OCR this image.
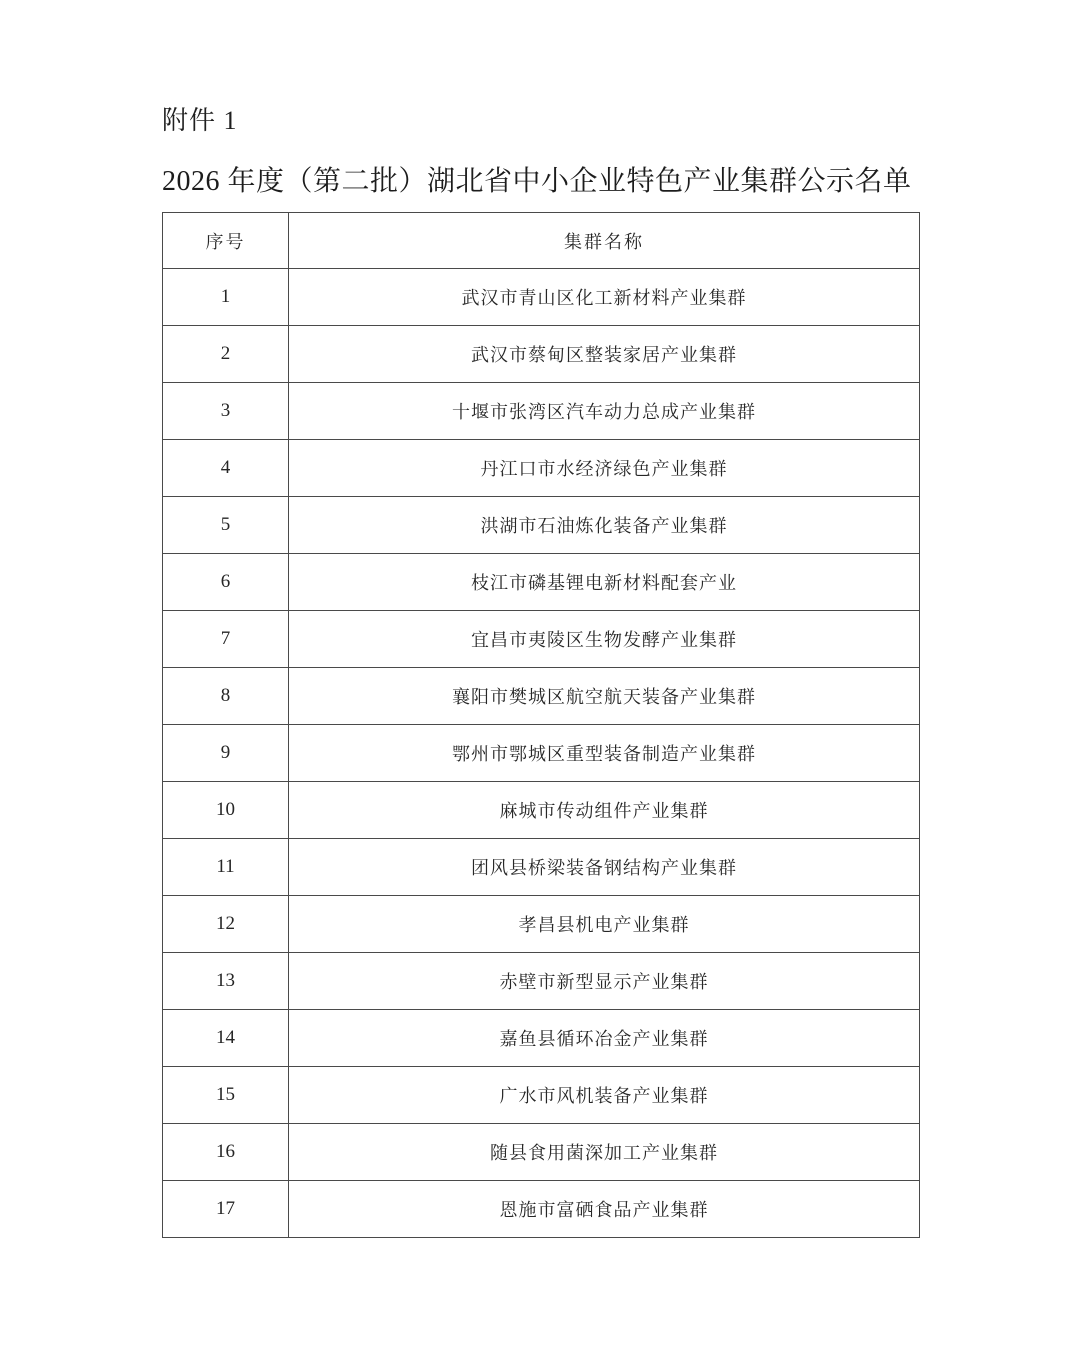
附件 1
2026 年度（第二批）湖北省中小企业特色产业集群公示名单
序号	集群名称
1	武汉市青山区化工新材料产业集群
2	武汉市蔡甸区整装家居产业集群
3	十堰市张湾区汽车动力总成产业集群
4	丹江口市水经济绿色产业集群
5	洪湖市石油炼化装备产业集群
6	枝江市磷基锂电新材料配套产业
7	宜昌市夷陵区生物发酵产业集群
8	襄阳市樊城区航空航天装备产业集群
9	鄂州市鄂城区重型装备制造产业集群
10	麻城市传动组件产业集群
11	团风县桥梁装备钢结构产业集群
12	孝昌县机电产业集群
13	赤壁市新型显示产业集群
14	嘉鱼县循环冶金产业集群
15	广水市风机装备产业集群
16	随县食用菌深加工产业集群
17	恩施市富硒食品产业集群
